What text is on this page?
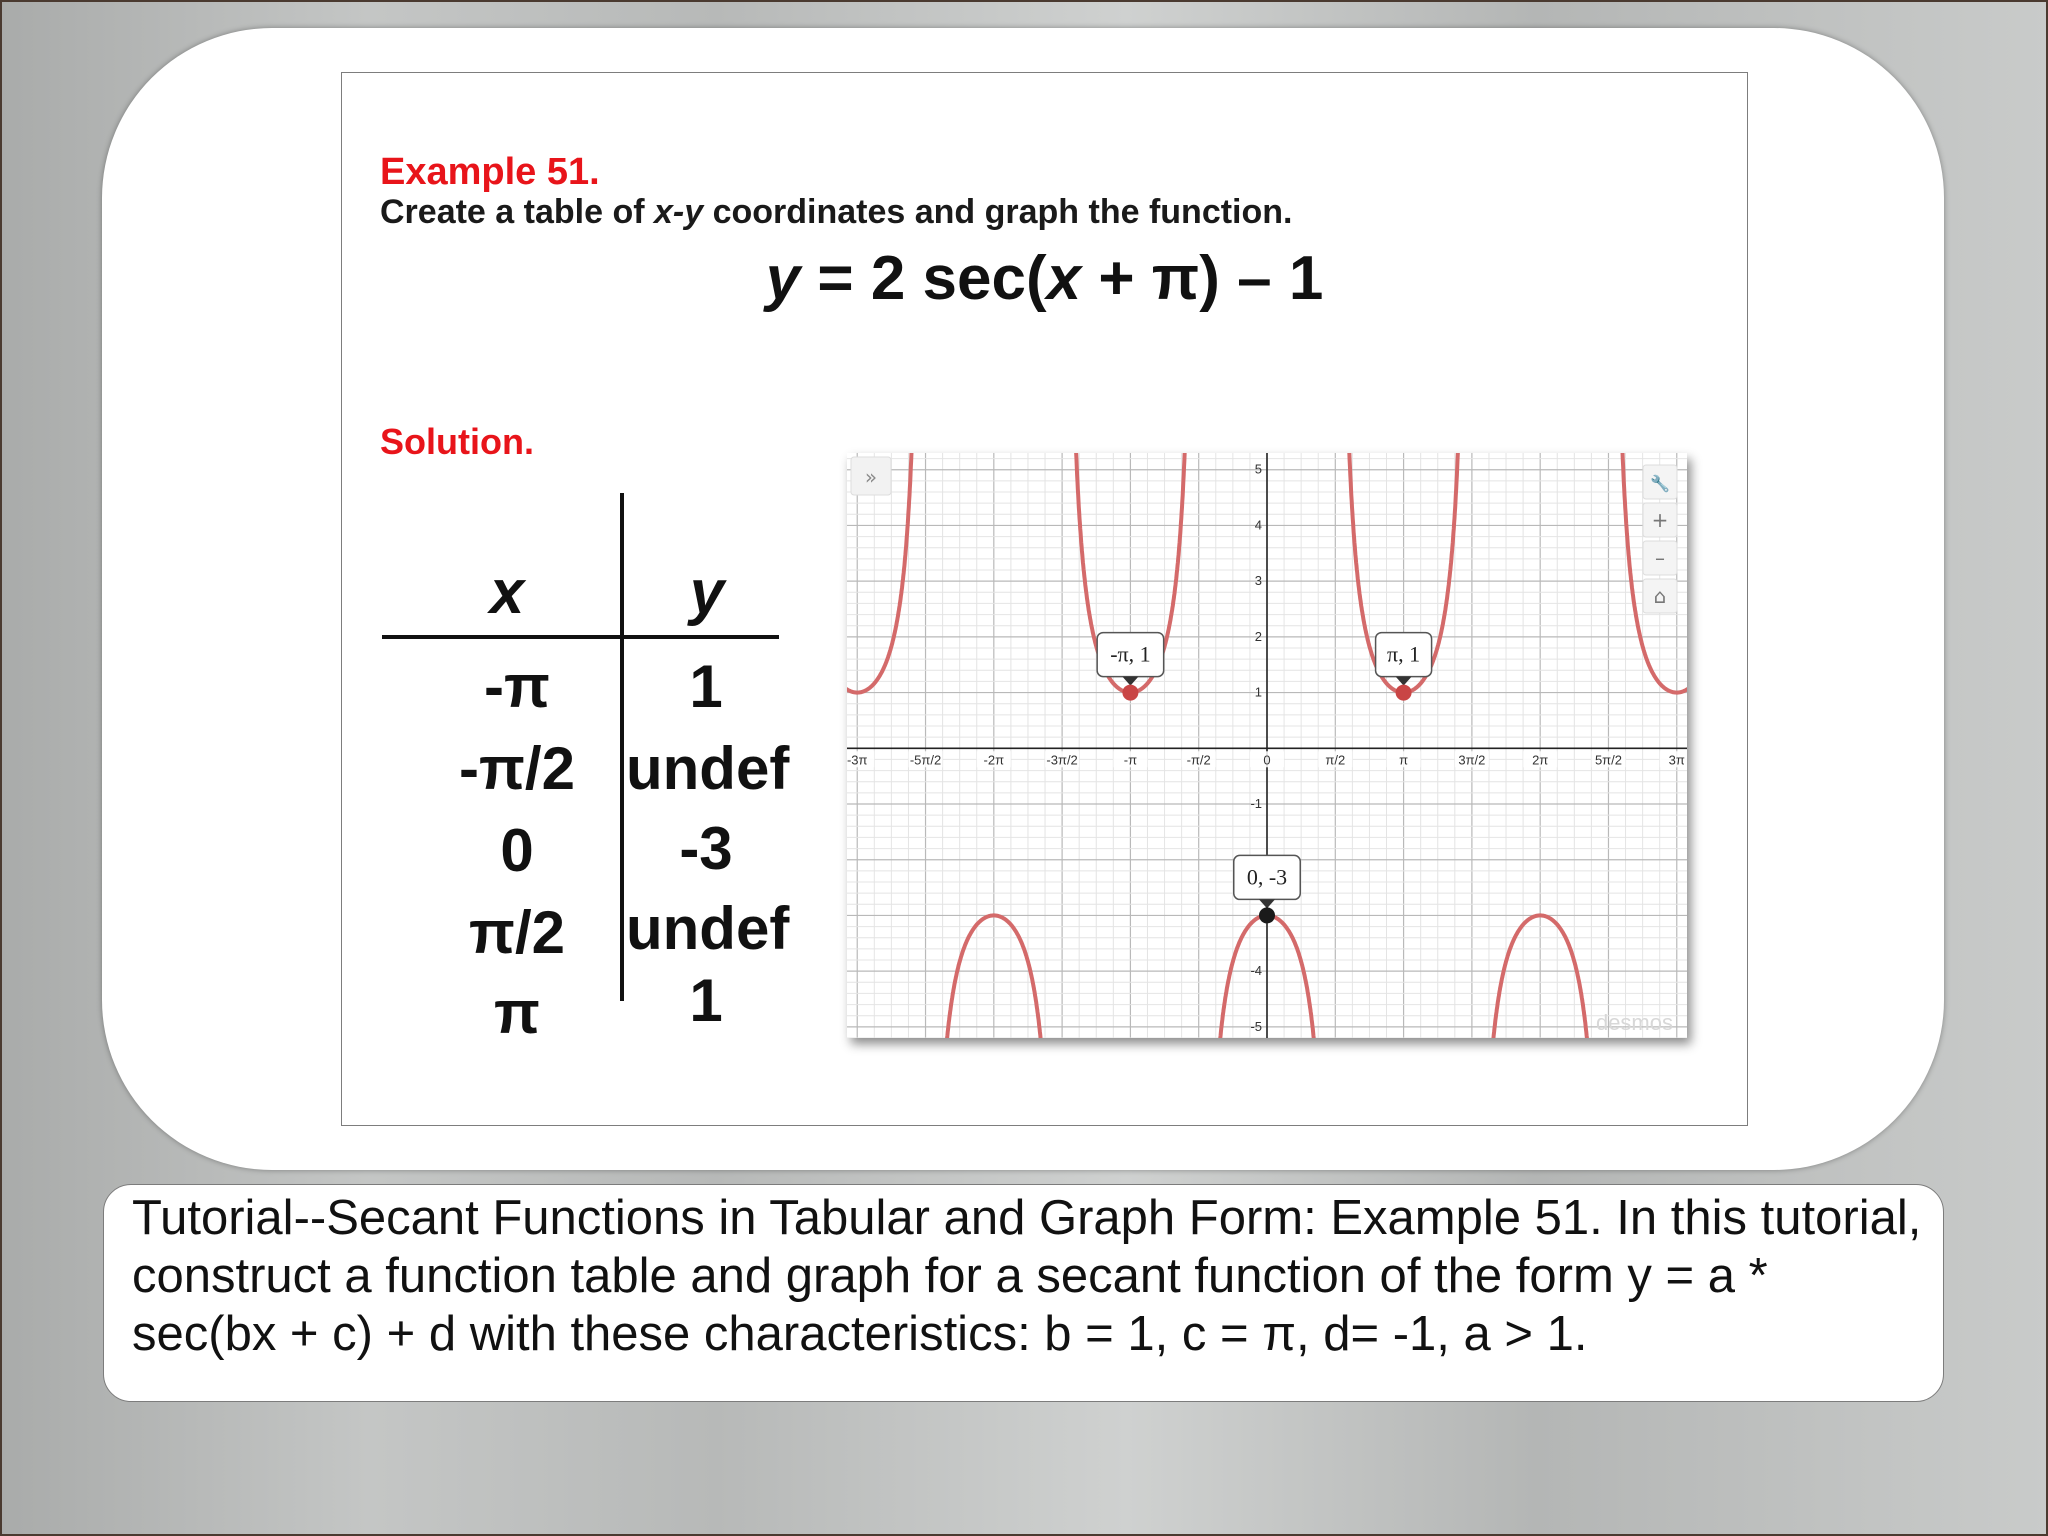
Example 51.
Create a table of x-y coordinates and graph the function.
y = 2 sec(x + π) – 1
Solution.
x	y
-π	1
-π/2 undef
0	-3
π/2	undef
π	1
-3π	-5π/2	-2π	-3π/2	-π	-π/2	0	π/2	π	3π/2	2π	5π/2	3π
5
4
3
2
1
-1
-4
-5
-π, 1	π, 1
0, -3
»	🔧
+
–
⌂
desmos

Tutorial--Secant Functions in Tabular and Graph Form: Example 51. In this tutorial, construct a function table and graph for a secant function of the form y = a * sec(bx + c) + d with these characteristics: b = 1, c = π, d= -1, a > 1.
